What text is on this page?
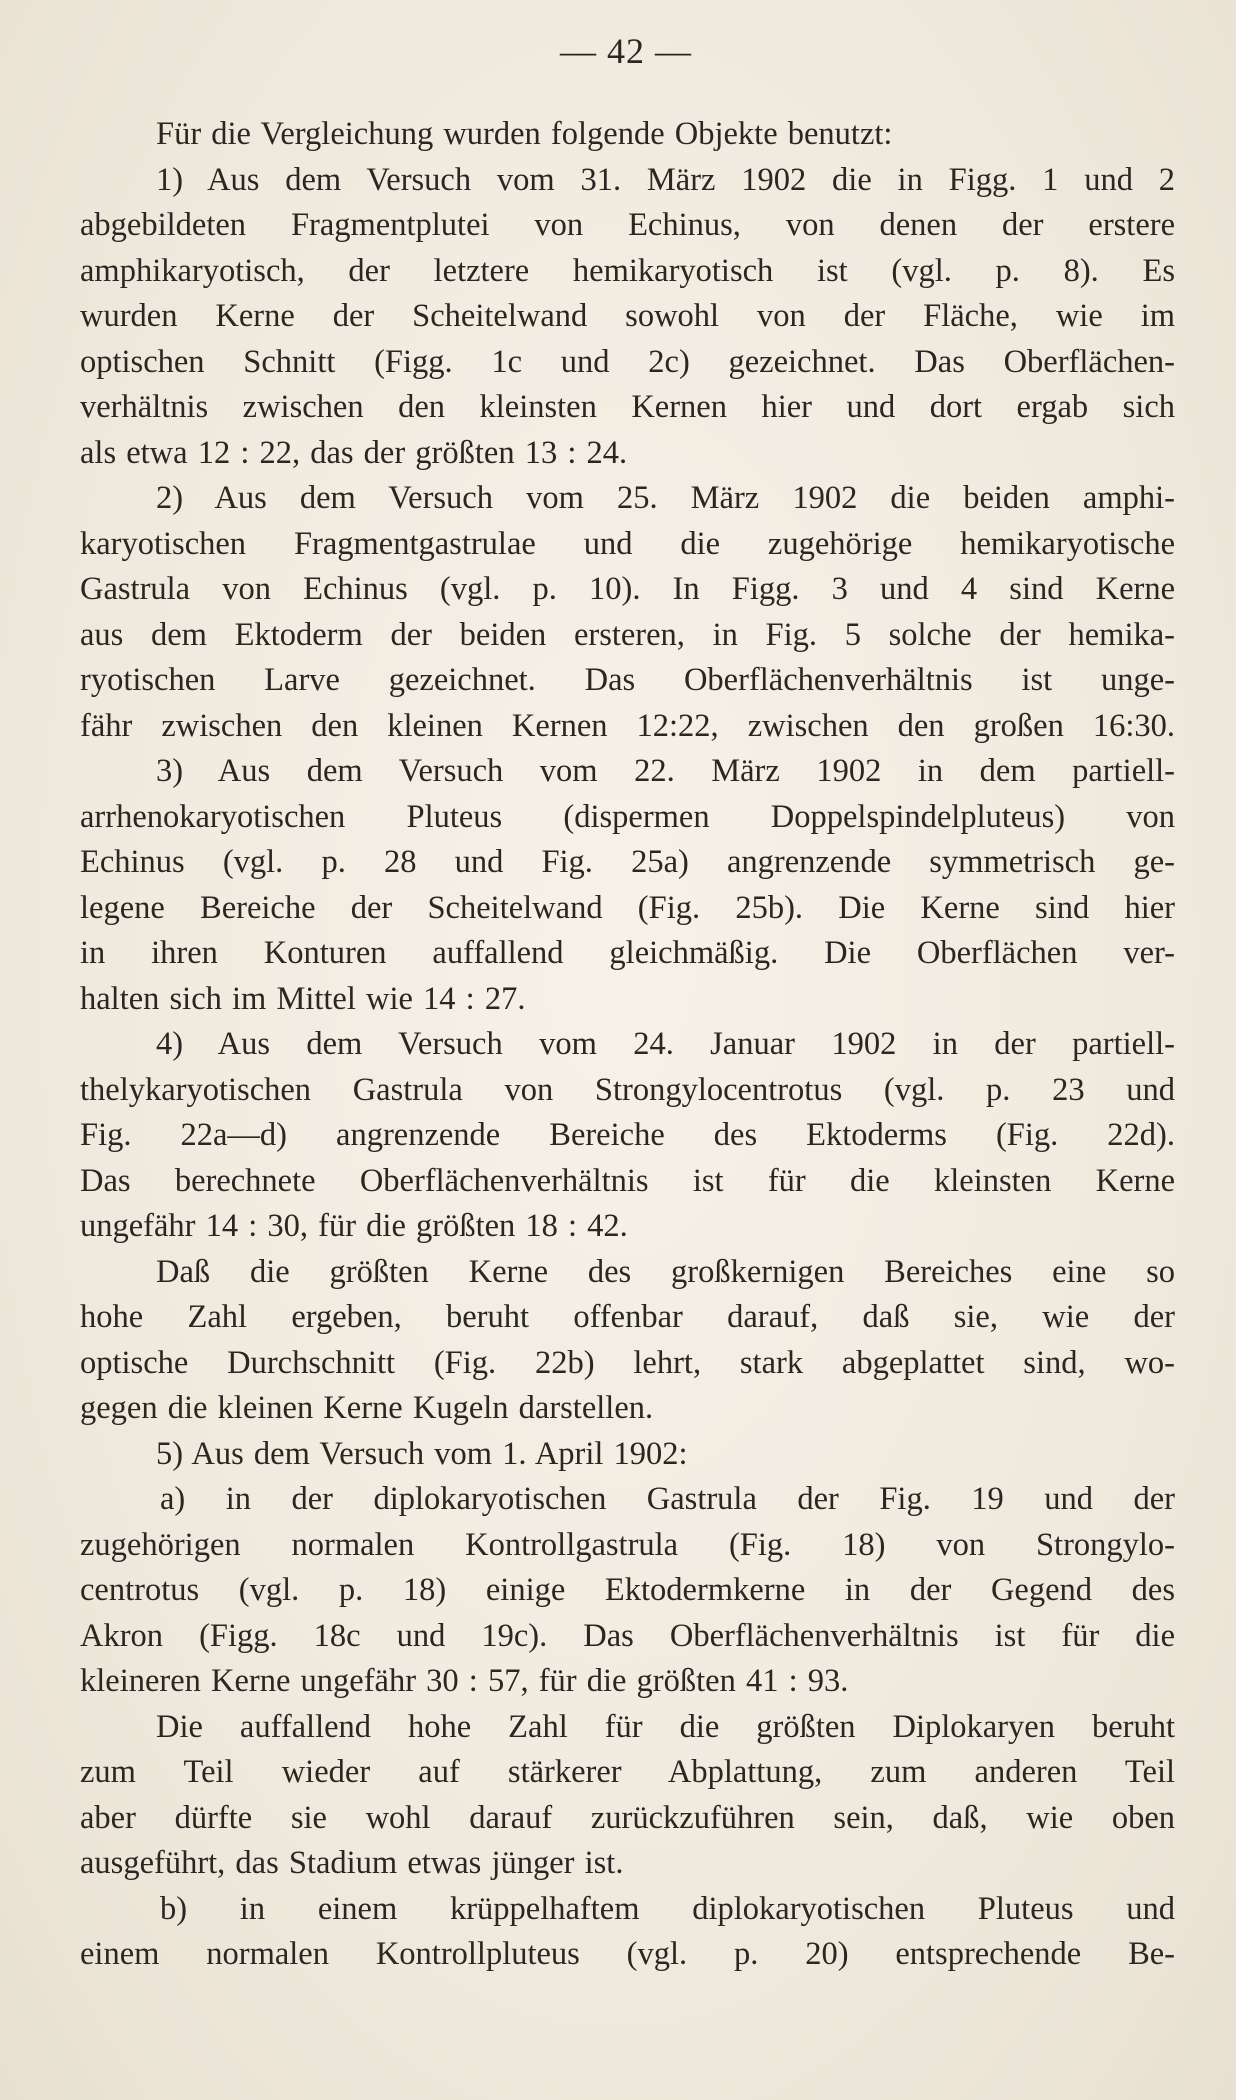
— 42 —
Für die Vergleichung wurden folgende Objekte benutzt:
1) Aus dem Versuch vom 31. März 1902 die in Figg. 1 und 2
abgebildeten Fragmentplutei von Echinus, von denen der erstere
amphikaryotisch, der letztere hemikaryotisch ist (vgl. p. 8). Es
wurden Kerne der Scheitelwand sowohl von der Fläche, wie im
optischen Schnitt (Figg. 1c und 2c) gezeichnet. Das Oberflächen-
verhältnis zwischen den kleinsten Kernen hier und dort ergab sich
als etwa 12 : 22, das der größten 13 : 24.
2) Aus dem Versuch vom 25. März 1902 die beiden amphi-
karyotischen Fragmentgastrulae und die zugehörige hemikaryotische
Gastrula von Echinus (vgl. p. 10). In Figg. 3 und 4 sind Kerne
aus dem Ektoderm der beiden ersteren, in Fig. 5 solche der hemika-
ryotischen Larve gezeichnet. Das Oberflächenverhältnis ist unge-
fähr zwischen den kleinen Kernen 12:22, zwischen den großen 16:30.
3) Aus dem Versuch vom 22. März 1902 in dem partiell-
arrhenokaryotischen Pluteus (dispermen Doppelspindelpluteus) von
Echinus (vgl. p. 28 und Fig. 25a) angrenzende symmetrisch ge-
legene Bereiche der Scheitelwand (Fig. 25b). Die Kerne sind hier
in ihren Konturen auffallend gleichmäßig. Die Oberflächen ver-
halten sich im Mittel wie 14 : 27.
4) Aus dem Versuch vom 24. Januar 1902 in der partiell-
thelykaryotischen Gastrula von Strongylocentrotus (vgl. p. 23 und
Fig. 22a—d) angrenzende Bereiche des Ektoderms (Fig. 22d).
Das berechnete Oberflächenverhältnis ist für die kleinsten Kerne
ungefähr 14 : 30, für die größten 18 : 42.
Daß die größten Kerne des großkernigen Bereiches eine so
hohe Zahl ergeben, beruht offenbar darauf, daß sie, wie der
optische Durchschnitt (Fig. 22b) lehrt, stark abgeplattet sind, wo-
gegen die kleinen Kerne Kugeln darstellen.
5) Aus dem Versuch vom 1. April 1902:
a) in der diplokaryotischen Gastrula der Fig. 19 und der
zugehörigen normalen Kontrollgastrula (Fig. 18) von Strongylo-
centrotus (vgl. p. 18) einige Ektodermkerne in der Gegend des
Akron (Figg. 18c und 19c). Das Oberflächenverhältnis ist für die
kleineren Kerne ungefähr 30 : 57, für die größten 41 : 93.
Die auffallend hohe Zahl für die größten Diplokaryen beruht
zum Teil wieder auf stärkerer Abplattung, zum anderen Teil
aber dürfte sie wohl darauf zurückzuführen sein, daß, wie oben
ausgeführt, das Stadium etwas jünger ist.
b) in einem krüppelhaftem diplokaryotischen Pluteus und
einem normalen Kontrollpluteus (vgl. p. 20) entsprechende Be-
